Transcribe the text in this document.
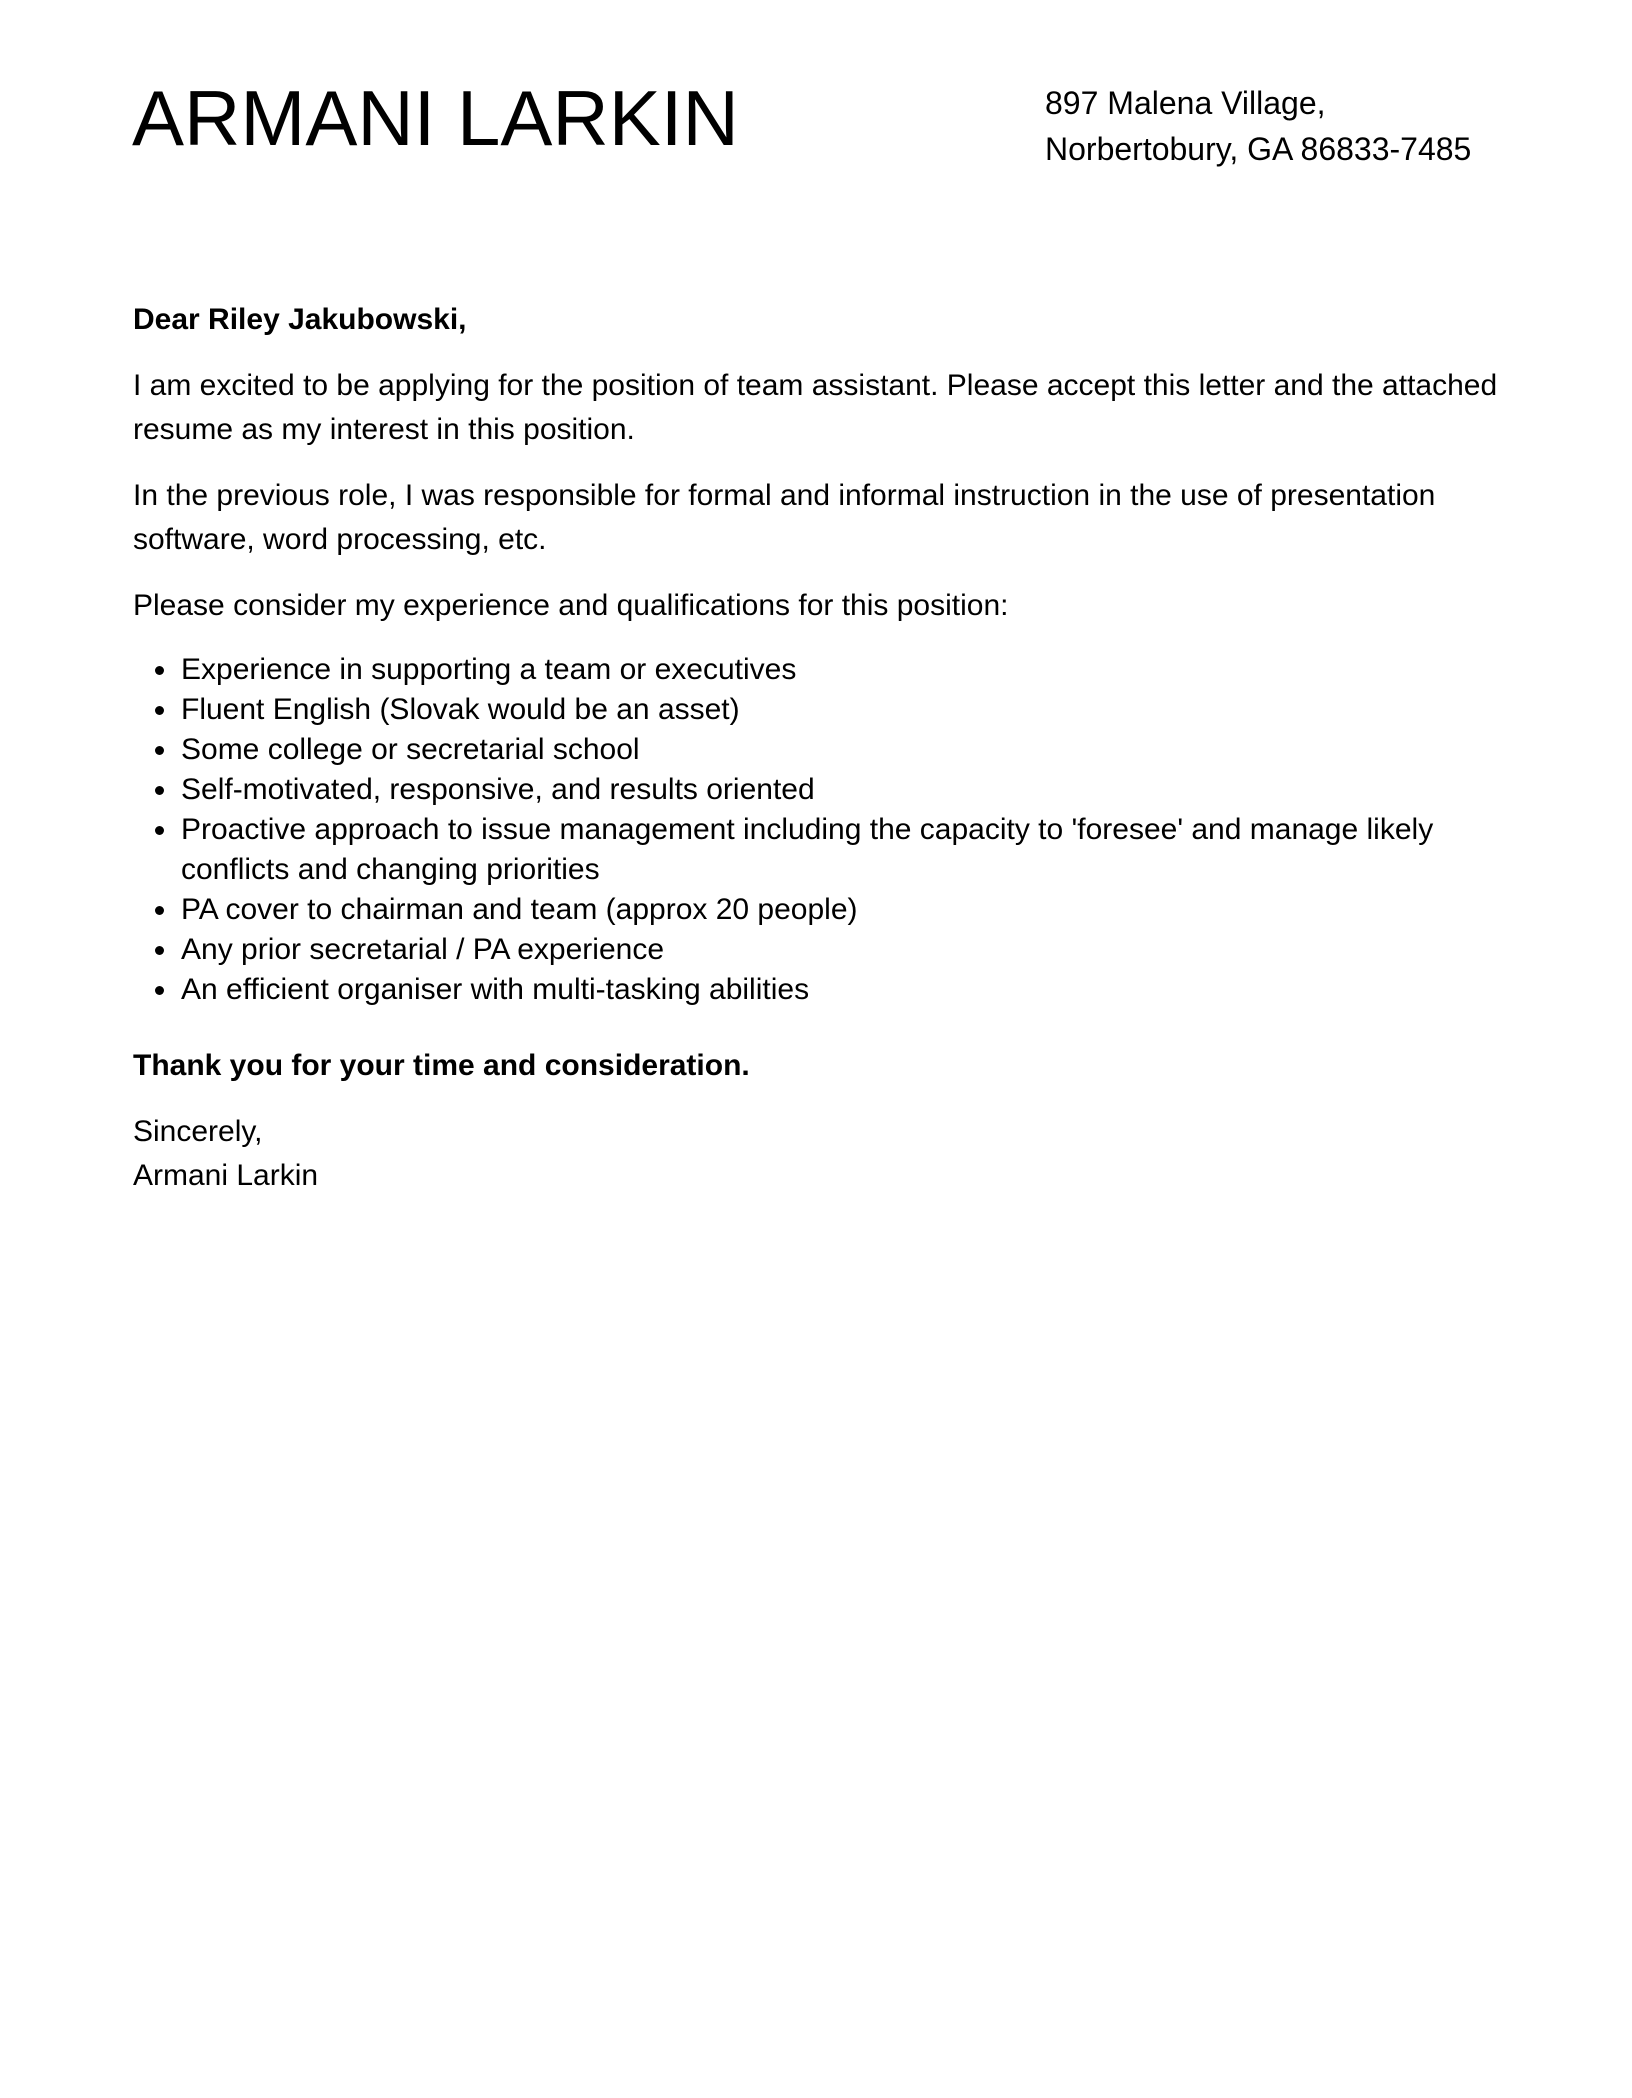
ARMANI LARKIN	897 Malena Village,
Norbertobury, GA 86833-7485

Dear Riley Jakubowski,

I am excited to be applying for the position of team assistant. Please accept this letter and the attached resume as my interest in this position.

In the previous role, I was responsible for formal and informal instruction in the use of presentation software, word processing, etc.

Please consider my experience and qualifications for this position:

Experience in supporting a team or executives
Fluent English (Slovak would be an asset)
Some college or secretarial school
Self-motivated, responsive, and results oriented
Proactive approach to issue management including the capacity to 'foresee' and manage likely conflicts and changing priorities
PA cover to chairman and team (approx 20 people)
Any prior secretarial / PA experience
An efficient organiser with multi-tasking abilities

Thank you for your time and consideration.

Sincerely,
Armani Larkin
